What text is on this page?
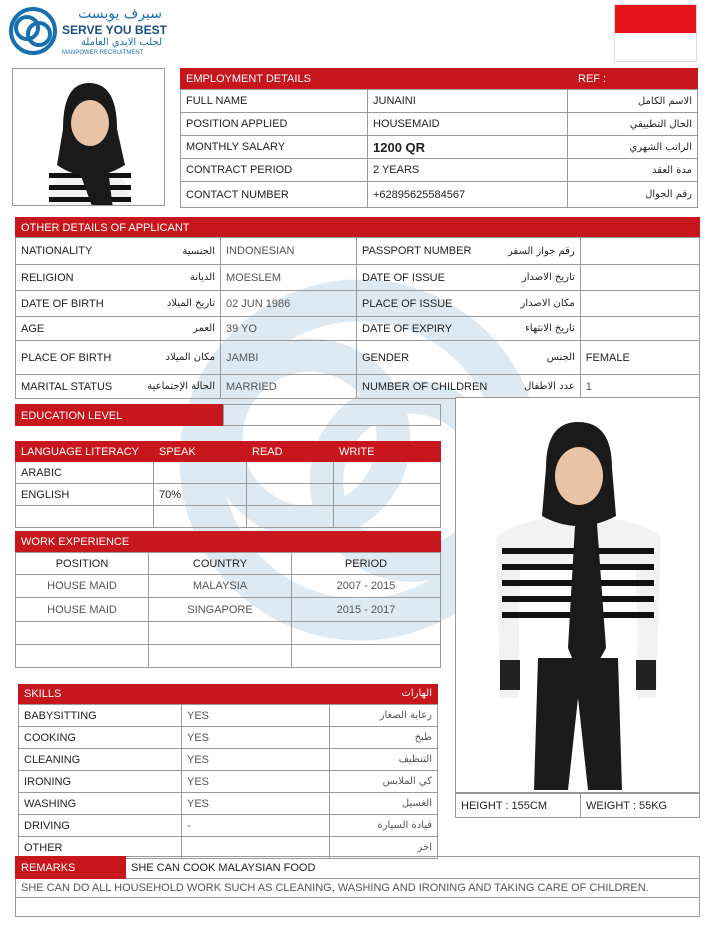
سيرف يوبست
SERVE YOU BEST
لجلب الايدي العاملة
MANPOWER RECRUITMENT
EMPLOYMENT DETAILS	REF :
FULL NAME	JUNAINI	الاسم الكامل
POSITION APPLIED	HOUSEMAID	الحال التطبيقي
MONTHLY SALARY	1200 QR	الراتب الشهري
CONTRACT PERIOD	2 YEARS	مدة العقد
CONTACT NUMBER	+62895625584567	رقم الجوال
OTHER DETAILS OF APPLICANT
NATIONALITY	الجنسية	INDONESIAN	PASSPORT NUMBER	رقم جواز السفر	
RELIGION	الديانة	MOESLEM	DATE OF ISSUE	تاريخ الاصدار	
DATE OF BIRTH	تاريخ الميلاد	02 JUN 1986	PLACE OF ISSUE	مكان الاصدار	
AGE	العمر	39 YO	DATE OF EXPIRY	تاريخ الانتهاء	
PLACE OF BIRTH	مكان الميلاد	JAMBI	GENDER	الجنس	FEMALE
MARITAL STATUS	الحالة الإجتماعية	MARRIED	NUMBER OF CHILDREN	عدد الاطفال	1
EDUCATION LEVEL
LANGUAGE LITERACY	SPEAK	READ	WRITE
ARABIC			
ENGLISH	70%		

WORK EXPERIENCE
POSITION	COUNTRY	PERIOD
HOUSE MAID	MALAYSIA	2007 - 2015
HOUSE MAID	SINGAPORE	2015 - 2017

SKILLS	الهارات
BABYSITTING	YES	رعاية الصغار
COOKING	YES	طبخ
CLEANING	YES	التنظيف
IRONING	YES	كي الملابس
WASHING	YES	الغسيل
DRIVING	-	قيادة السيارة
OTHER		اخر
HEIGHT : 155CM	WEIGHT : 55KG
REMARKS	SHE CAN COOK MALAYSIAN FOOD
SHE CAN DO ALL HOUSEHOLD WORK SUCH AS CLEANING, WASHING AND IRONING AND TAKING CARE OF CHILDREN.
